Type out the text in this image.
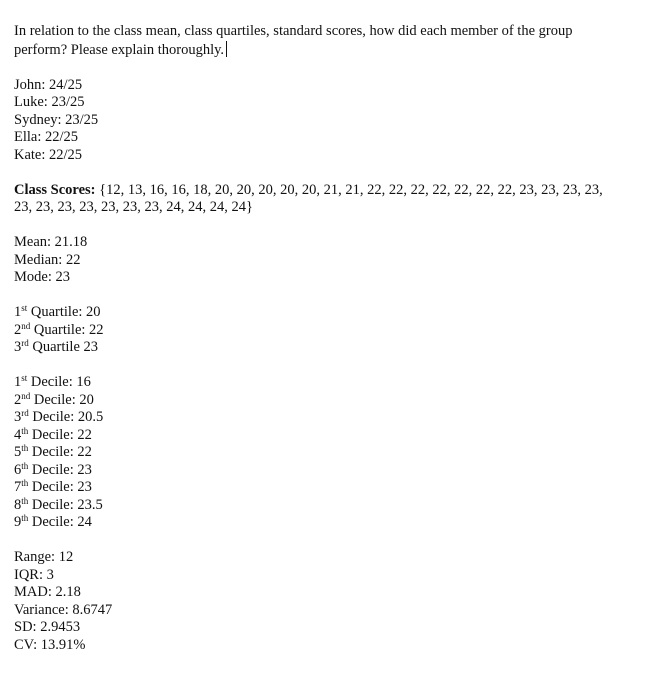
In relation to the class mean, class quartiles, standard scores, how did each member of the group perform? Please explain thoroughly.
John: 24/25
Luke: 23/25
Sydney: 23/25
Ella: 22/25
Kate: 22/25
Class Scores: {12, 13, 16, 16, 18, 20, 20, 20, 20, 20, 21, 21, 22, 22, 22, 22, 22, 22, 22, 23, 23, 23, 23, 23, 23, 23, 23, 23, 23, 23, 24, 24, 24, 24}
Mean: 21.18
Median: 22
Mode: 23
1st Quartile: 20
2nd Quartile: 22
3rd Quartile 23
1st Decile: 16
2nd Decile: 20
3rd Decile: 20.5
4th Decile: 22
5th Decile: 22
6th Decile: 23
7th Decile: 23
8th Decile: 23.5
9th Decile: 24
Range: 12
IQR: 3
MAD: 2.18
Variance: 8.6747
SD: 2.9453
CV: 13.91%
